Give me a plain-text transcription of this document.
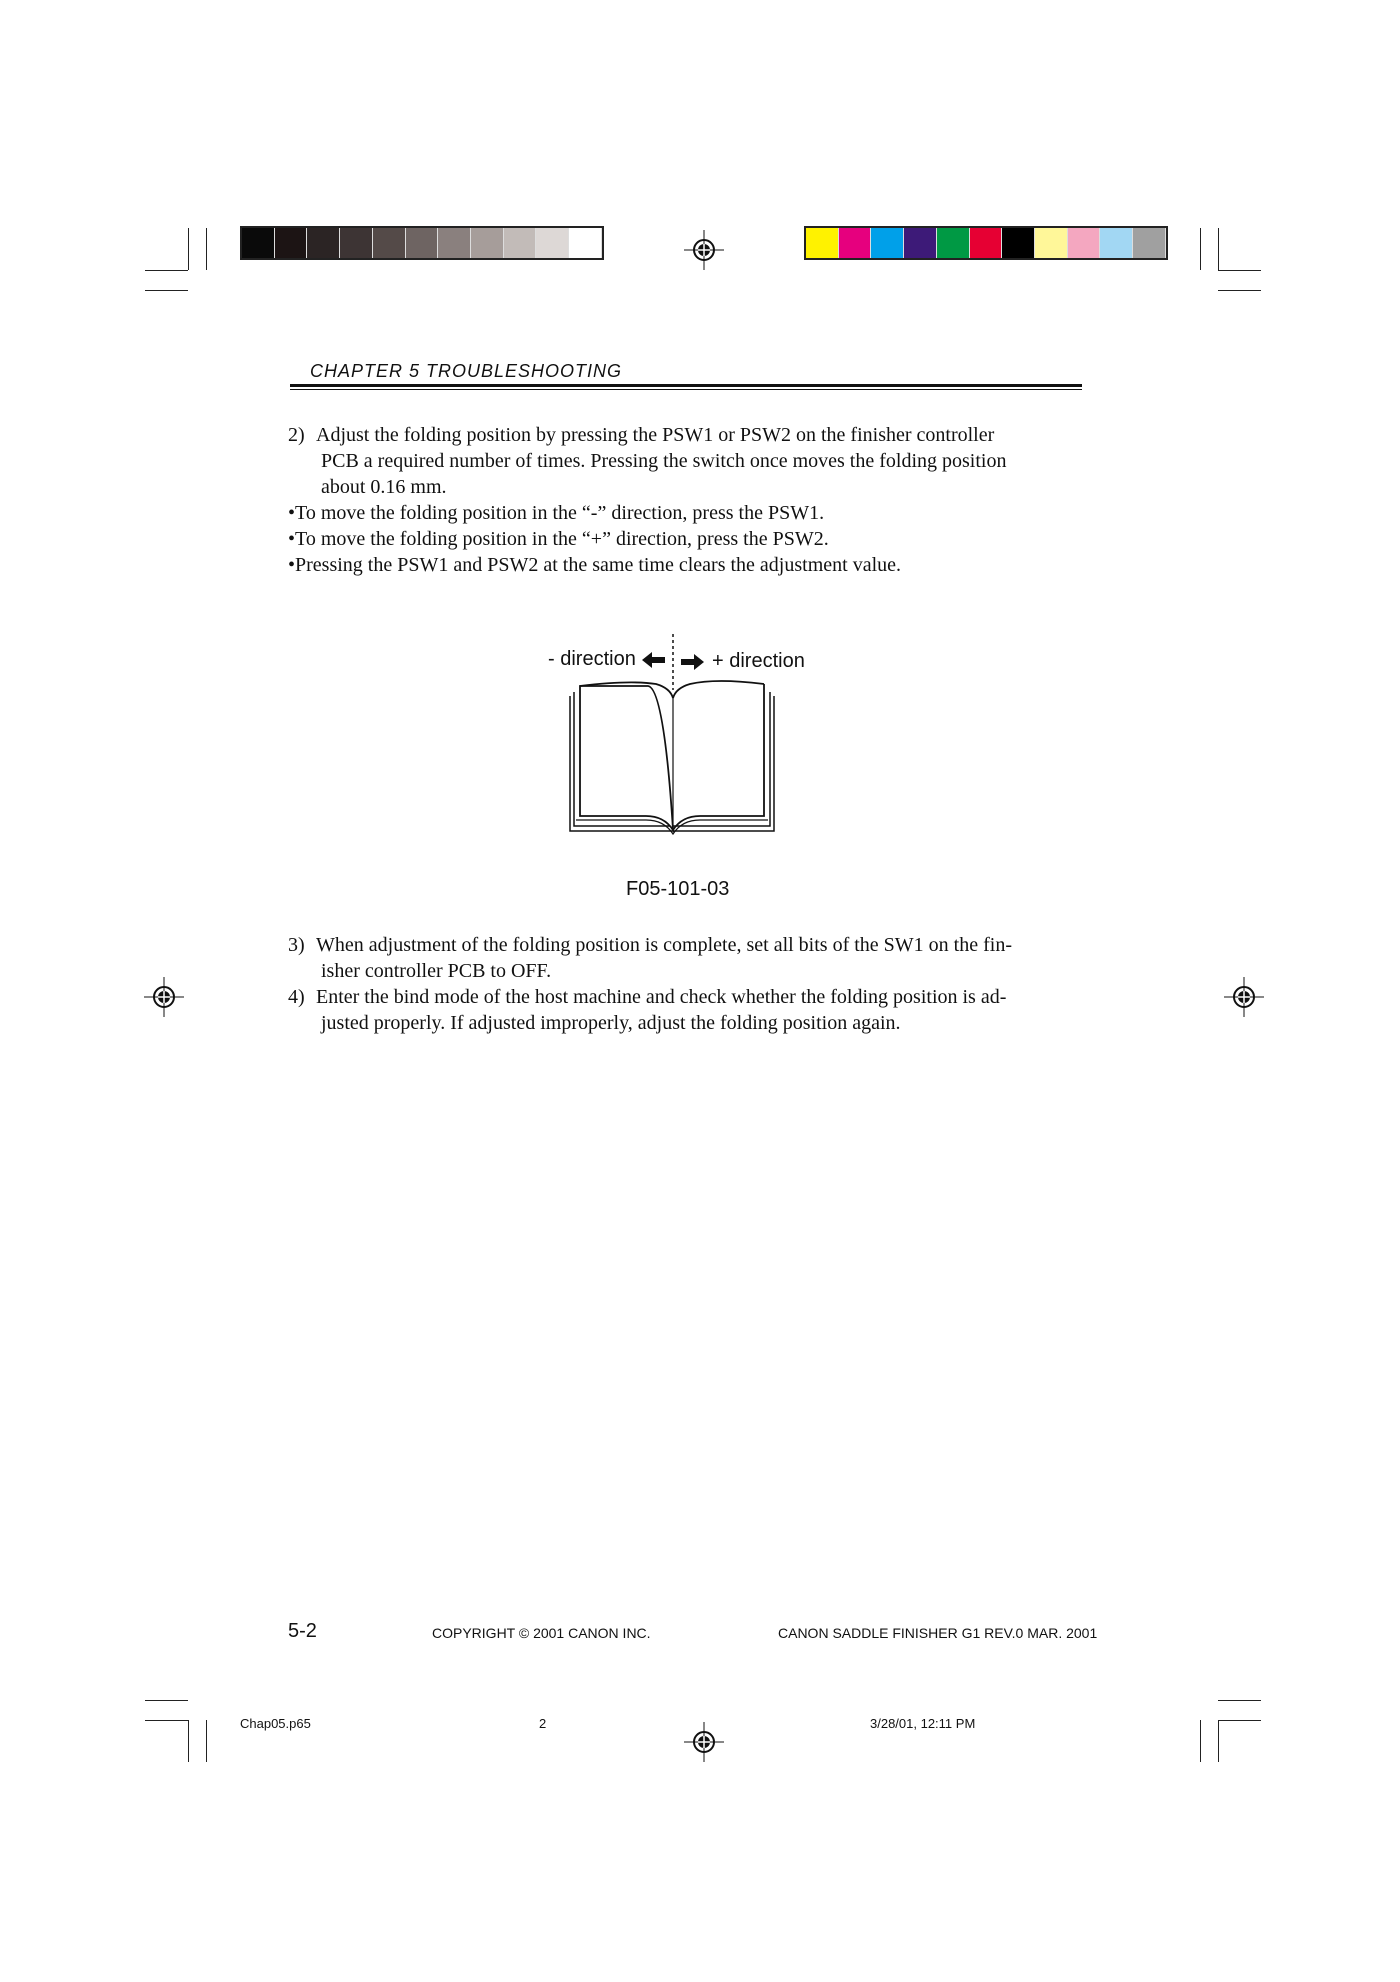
CHAPTER 5 TROUBLESHOOTING
2) Adjust the folding position by pressing the PSW1 or PSW2 on the finisher controller
PCB a required number of times. Pressing the switch once moves the folding position
about 0.16 mm.
•To move the folding position in the “-” direction, press the PSW1.
•To move the folding position in the “+” direction, press the PSW2.
•Pressing the PSW1 and PSW2 at the same time clears the adjustment value.
3) When adjustment of the folding position is complete, set all bits of the SW1 on the fin-
isher controller PCB to OFF.
4) Enter the bind mode of the host machine and check whether the folding position is ad-
justed properly. If adjusted improperly, adjust the folding position again.
- direction	+ direction
F05-101-03
5-2	COPYRIGHT © 2001 CANON INC.	CANON SADDLE FINISHER G1 REV.0 MAR. 2001
Chap05.p65	2	3/28/01, 12:11 PM
